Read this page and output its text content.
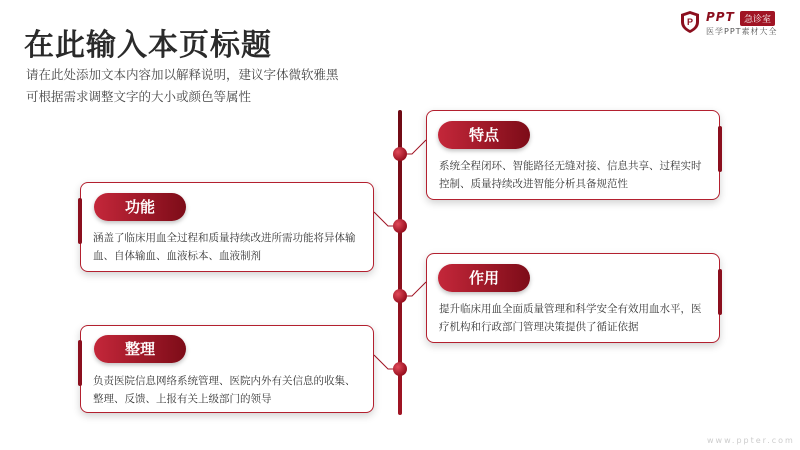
在此输入本页标题
请在此处添加文本内容加以解释说明，建议字体微软雅黑
可根据需求调整文字的大小或颜色等属性
P PPT	急诊室
医学PPT素材大全
系统全程闭环、智能路径无缝对接、信息共享、过程实时控制、质量持续改进智能分析具备规范性
特点
涵盖了临床用血全过程和质量持续改进所需功能将异体输血、自体输血、血液标本、血液制剂
功能
提升临床用血全面质量管理和科学安全有效用血水平，医疗机构和行政部门管理决策提供了循证依据
作用
负责医院信息网络系统管理、医院内外有关信息的收集、整理、反馈、上报有关上级部门的领导
整理
www.ppter.com
